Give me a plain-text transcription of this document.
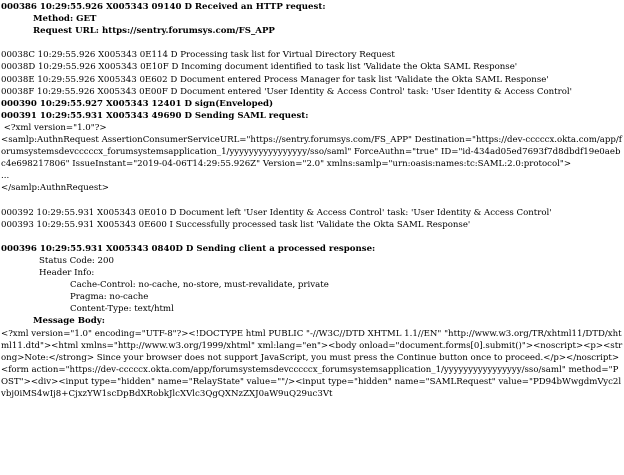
000386 10:29:55.926 X005343 09140 D Received an HTTP request:
Method: GET
Request URL: https://sentry.forumsys.com/FS_APP
00038C 10:29:55.926 X005343 0E114 D Processing task list for Virtual Directory Request
00038D 10:29:55.926 X005343 0E10F D Incoming document identified to task list 'Validate the Okta SAML Response'
00038E 10:29:55.926 X005343 0E602 D Document entered Process Manager for task list 'Validate the Okta SAML Response'
00038F 10:29:55.926 X005343 0E00F D Document entered 'User Identity & Access Control' task: 'User Identity & Access Control'
000390 10:29:55.927 X005343 12401 D sign(Enveloped)
000391 10:29:55.931 X005343 49690 D Sending SAML request:
<?xml version="1.0"?>
<samlp:AuthnRequest AssertionConsumerServiceURL="https://sentry.forumsys.com/FS_APP" Destination="https://dev-cccccx.okta.com/app/forumsystemsdevcccccx_forumsystemsapplication_1/yyyyyyyyyyyyyyyy/sso/saml" ForceAuthn="true" ID="id-434ad05ed7693f7d8dbdf19e0aebc4e698217806" IssueInstant="2019-04-06T14:29:55.926Z" Version="2.0" xmlns:samlp="urn:oasis:names:tc:SAML:2.0:protocol">
...
</samlp:AuthnRequest>
000392 10:29:55.931 X005343 0E010 D Document left 'User Identity & Access Control' task: 'User Identity & Access Control'
000393 10:29:55.931 X005343 0E600 I Successfully processed task list 'Validate the Okta SAML Response'
000396 10:29:55.931 X005343 0840D D Sending client a processed response:
Status Code: 200
Header Info:
Cache-Control: no-cache, no-store, must-revalidate, private
Pragma: no-cache
Content-Type: text/html
Message Body:
<?xml version="1.0" encoding="UTF-8"?><!DOCTYPE html PUBLIC "-//W3C//DTD XHTML 1.1//EN" "http://www.w3.org/TR/xhtml11/DTD/xhtml11.dtd"><html xmlns="http://www.w3.org/1999/xhtml" xml:lang="en"><body onload="document.forms[0].submit()"><noscript><p><strong>Note:</strong> Since your browser does not support JavaScript, you must press the Continue button once to proceed.</p></noscript><form action="https://dev-cccccx.okta.com/app/forumsystemsdevcccccx_forumsystemsapplication_1/yyyyyyyyyyyyyyyy/sso/saml" method="POST"><div><input type="hidden" name="RelayState" value=""/><input type="hidden" name="SAMLRequest" value="PD94bWwgdmVyc2lvbj0iMS4wIj8+CjxzYW1scDpBdXRobkJlcXVlc3QgQXNzZXJ0aW9uQ29uc3Vt
